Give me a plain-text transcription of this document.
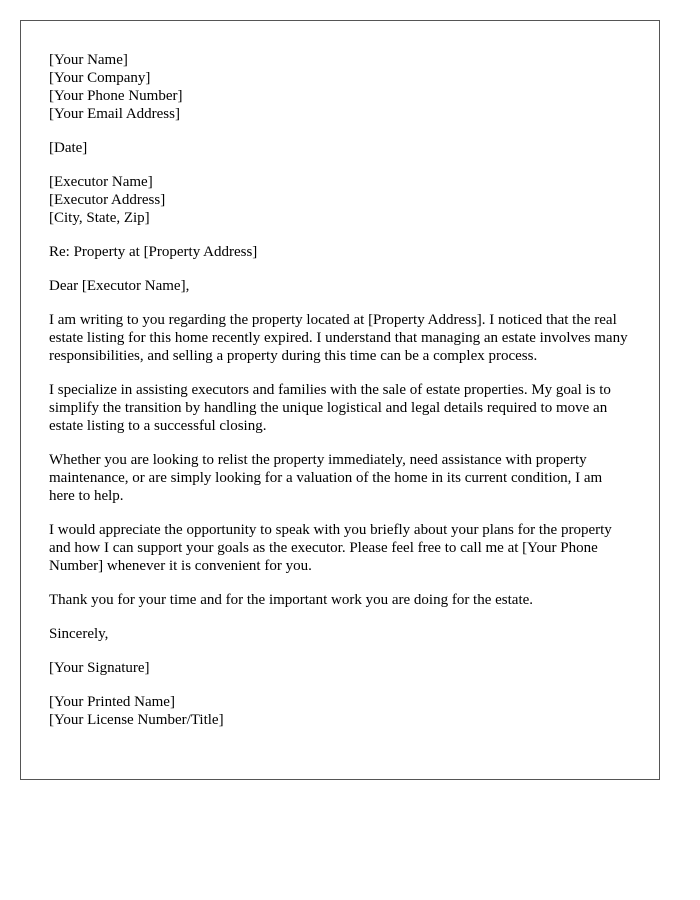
[Your Name]
[Your Company]
[Your Phone Number]
[Your Email Address]
[Date]
[Executor Name]
[Executor Address]
[City, State, Zip]
Re: Property at [Property Address]
Dear [Executor Name],

I am writing to you regarding the property located at [Property Address]. I noticed that the real estate listing for this home recently expired. I understand that managing an estate involves many responsibilities, and selling a property during this time can be a complex process.

I specialize in assisting executors and families with the sale of estate properties. My goal is to simplify the transition by handling the unique logistical and legal details required to move an estate listing to a successful closing.

Whether you are looking to relist the property immediately, need assistance with property maintenance, or are simply looking for a valuation of the home in its current condition, I am here to help.

I would appreciate the opportunity to speak with you briefly about your plans for the property and how I can support your goals as the executor. Please feel free to call me at [Your Phone Number] whenever it is convenient for you.

Thank you for your time and for the important work you are doing for the estate.

Sincerely,
[Your Signature]
[Your Printed Name]
[Your License Number/Title]
